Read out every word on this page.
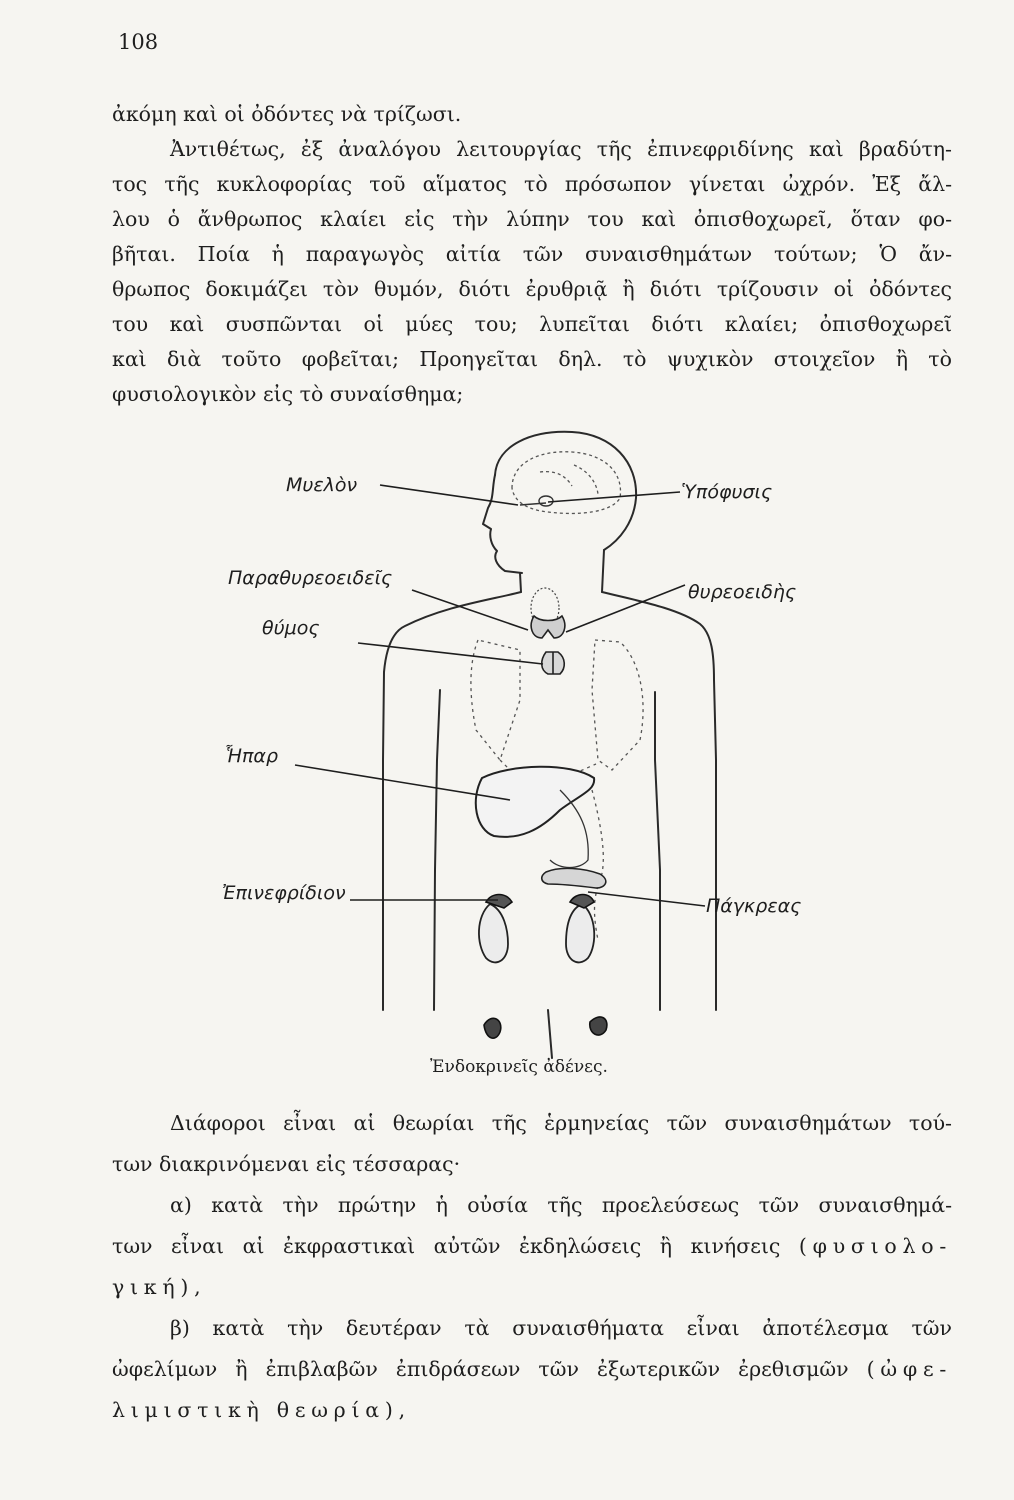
108

ἀκόμη καὶ οἱ ὀδόντες νὰ τρίζωσι.
Ἀντιθέτως, ἐξ ἀναλόγου λειτουργίας τῆς ἐπινεφριδίνης καὶ βραδύτη-
τος τῆς κυκλοφορίας τοῦ αἵματος τὸ πρόσωπον γίνεται ὠχρόν. Ἐξ ἄλ-
λου ὁ ἄνθρωπος κλαίει εἰς τὴν λύπην του καὶ ὀπισθοχωρεῖ, ὅταν φο-
βῆται. Ποία ἡ παραγωγὸς αἰτία τῶν συναισθημάτων τούτων; Ὁ ἄν-
θρωπος δοκιμάζει τὸν θυμόν, διότι ἐρυθριᾷ ἢ διότι τρίζουσιν οἱ ὀδόντες
του καὶ συσπῶνται οἱ μύες του; λυπεῖται διότι κλαίει; ὀπισθοχωρεῖ
καὶ διὰ τοῦτο φοβεῖται; Προηγεῖται δηλ. τὸ ψυχικὸν στοιχεῖον ἢ τὸ
φυσιολογικὸν εἰς τὸ συναίσθημα;

Μυελὸν	Ὑπόφυσις
Παραθυρεοειδεῖς
θυρεοειδὴς
θύμος
Ἧπαρ
Ἐπινεφρίδιον
Πάγκρεας
Ἐνδοκρινεῖς ἀδένες.

Διάφοροι εἶναι αἱ θεωρίαι τῆς ἑρμηνείας τῶν συναισθημάτων τού-
των διακρινόμεναι εἰς τέσσαρας·
α) κατὰ τὴν πρώτην ἡ οὐσία τῆς προελεύσεως τῶν συναισθημά-
των εἶναι αἱ ἐκφραστικαὶ αὐτῶν ἐκδηλώσεις ἢ κινήσεις (φυσιολο-
γική),
β) κατὰ τὴν δευτέραν τὰ συναισθήματα εἶναι ἀποτέλεσμα τῶν
ὠφελίμων ἢ ἐπιβλαβῶν ἐπιδράσεων τῶν ἐξωτερικῶν ἐρεθισμῶν (ὠφε-
λιμιστικὴ θεωρία),
